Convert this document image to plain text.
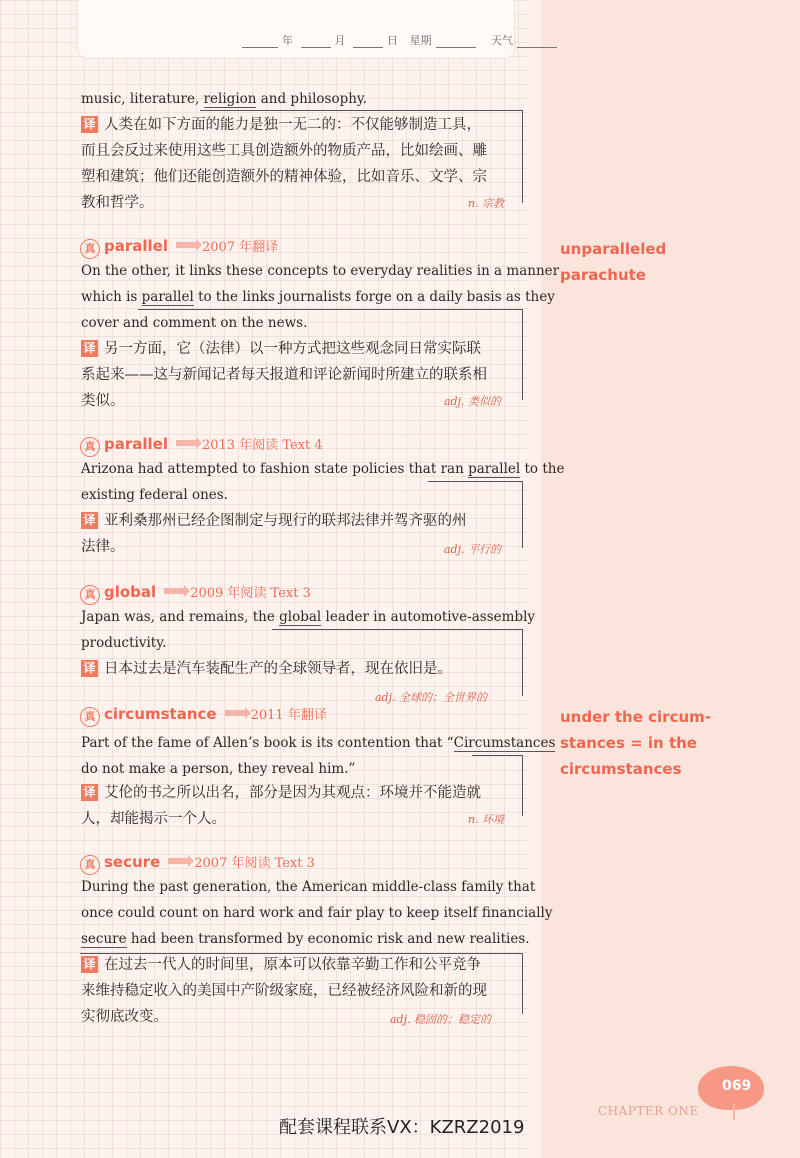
年	月	日 星期	天气
music, literature, religion and philosophy.
译 人类在如下方面的能力是独一无二的：不仅能够制造工具，
而且会反过来使用这些工具创造额外的物质产品，比如绘画、雕
塑和建筑；他们还能创造额外的精神体验，比如音乐、文学、宗
教和哲学。	n. 宗教
真 parallel	2007 年翻译
On the other, it links these concepts to everyday realities in a manner
which is parallel to the links journalists forge on a daily basis as they
cover and comment on the news.
译 另一方面，它（法律）以一种方式把这些观念同日常实际联
系起来——这与新闻记者每天报道和评论新闻时所建立的联系相
类似。	adj. 类似的
真 parallel	2013 年阅读 Text 4
Arizona had attempted to fashion state policies that ran parallel to the
existing federal ones.
译 亚利桑那州已经企图制定与现行的联邦法律并驾齐驱的州
法律。	adj. 平行的
真 global	2009 年阅读 Text 3
Japan was, and remains, the global leader in automotive-assembly
productivity.
译 日本过去是汽车装配生产的全球领导者，现在依旧是。
adj. 全球的；全世界的
真 circumstance	2011 年翻译
Part of the fame of Allen’s book is its contention that “Circumstances
do not make a person, they reveal him.”
译 艾伦的书之所以出名，部分是因为其观点：环境并不能造就
人，却能揭示一个人。	n. 环境
真 secure	2007 年阅读 Text 3
During the past generation, the American middle-class family that
once could count on hard work and fair play to keep itself financially
secure had been transformed by economic risk and new realities.
译 在过去一代人的时间里，原本可以依靠辛勤工作和公平竞争
来维持稳定收入的美国中产阶级家庭，已经被经济风险和新的现
实彻底改变。	adj. 稳固的；稳定的
unparalleled
parachute
under the circum-
stances = in the
circumstances
配套课程联系VX：KZRZ2019
CHAPTER ONE
069
